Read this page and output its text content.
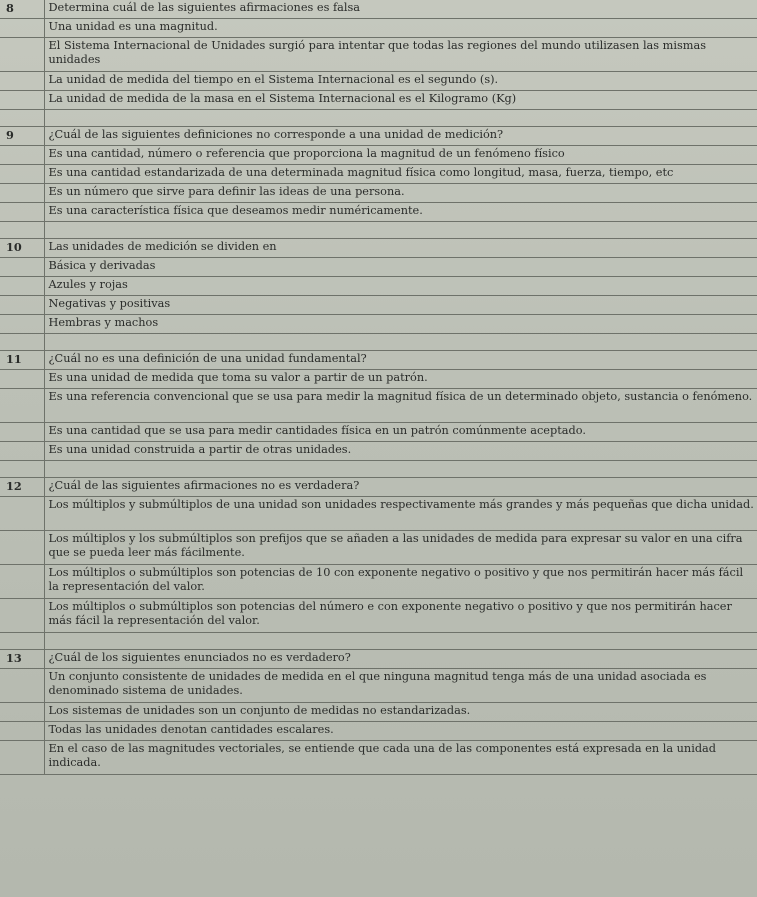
8	Determina cuál de las siguientes afirmaciones es falsa
	Una unidad es una magnitud.
	El Sistema Internacional de Unidades surgió para intentar que todas las regiones del mundo utilizasen las mismas unidades
	La unidad de medida del tiempo en el Sistema Internacional es el segundo (s).
	La unidad de medida de la masa en el Sistema Internacional es el Kilogramo (Kg)

9	¿Cuál de las siguientes definiciones no corresponde a una unidad de medición?
	Es una cantidad, número o referencia que proporciona la magnitud de un fenómeno físico
	Es una cantidad estandarizada de una determinada magnitud física como longitud, masa, fuerza, tiempo, etc
	Es un número que sirve para definir las ideas de una persona.
	Es una característica física que deseamos medir numéricamente.

10	Las unidades de medición se dividen en
	Básica y derivadas
	Azules y rojas
	Negativas y positivas
	Hembras y machos

11	¿Cuál no es una definición de una unidad fundamental?
	Es una unidad de medida que toma su valor a partir de un patrón.
	Es una referencia convencional que se usa para medir la magnitud física de un determinado objeto, sustancia o fenómeno.
	Es una cantidad que se usa para medir cantidades física en un patrón comúnmente aceptado.
	Es una unidad construida a partir de otras unidades.

12	¿Cuál de las siguientes afirmaciones no es verdadera?
	Los múltiplos y submúltiplos de una unidad son unidades respectivamente más grandes y más pequeñas que dicha unidad.
	Los múltiplos y los submúltiplos son prefijos que se añaden a las unidades de medida para expresar su valor en una cifra que se pueda leer más fácilmente.
	Los múltiplos o submúltiplos son potencias de 10 con exponente negativo o positivo y que nos permitirán hacer más fácil la representación del valor.
	Los múltiplos o submúltiplos son potencias del número e con exponente negativo o positivo y que nos permitirán hacer más fácil la representación del valor.

13	¿Cuál de los siguientes enunciados no es verdadero?
	Un conjunto consistente de unidades de medida en el que ninguna magnitud tenga más de una unidad asociada es denominado sistema de unidades.
	Los sistemas de unidades son un conjunto de medidas no estandarizadas.
	Todas las unidades denotan cantidades escalares.
	En el caso de las magnitudes vectoriales, se entiende que cada una de las componentes está expresada en la unidad indicada.
